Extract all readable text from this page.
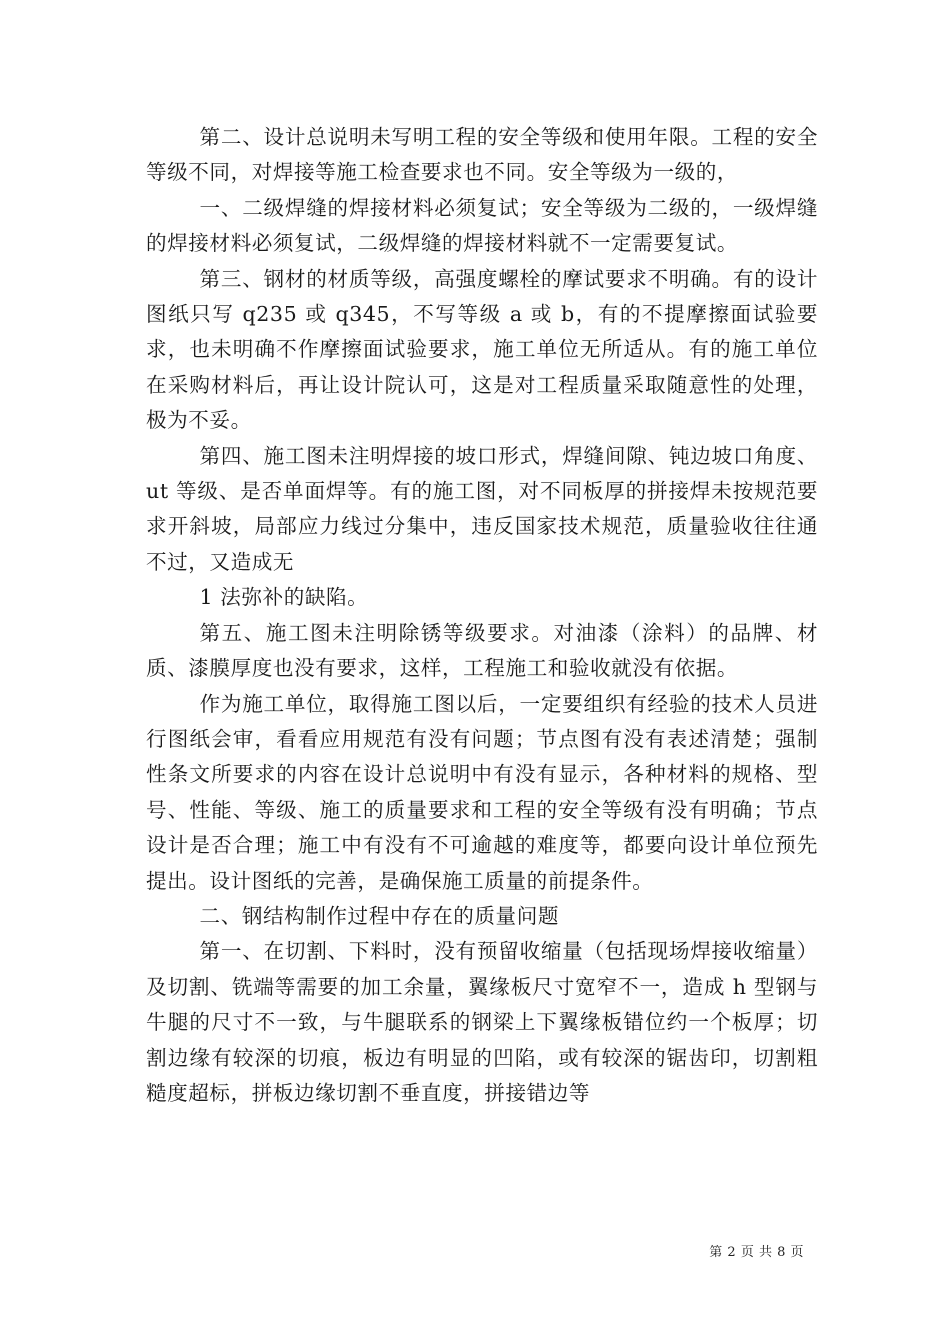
第二、设计总说明未写明工程的安全等级和使用年限。工程的安全等级不同，对焊接等施工检查要求也不同。安全等级为一级的，

一、二级焊缝的焊接材料必须复试；安全等级为二级的，一级焊缝的焊接材料必须复试，二级焊缝的焊接材料就不一定需要复试。

第三、钢材的材质等级，高强度螺栓的摩试要求不明确。有的设计图纸只写 q235 或 q345，不写等级 a 或 b，有的不提摩擦面试验要求，也未明确不作摩擦面试验要求，施工单位无所适从。有的施工单位在采购材料后，再让设计院认可，这是对工程质量采取随意性的处理，极为不妥。

第四、施工图未注明焊接的坡口形式，焊缝间隙、钝边坡口角度、ut 等级、是否单面焊等。有的施工图，对不同板厚的拼接焊未按规范要求开斜坡，局部应力线过分集中，违反国家技术规范，质量验收往往通不过，又造成无

1 法弥补的缺陷。

第五、施工图未注明除锈等级要求。对油漆（涂料）的品牌、材质、漆膜厚度也没有要求，这样，工程施工和验收就没有依据。

作为施工单位，取得施工图以后，一定要组织有经验的技术人员进行图纸会审，看看应用规范有没有问题；节点图有没有表述清楚；强制性条文所要求的内容在设计总说明中有没有显示，各种材料的规格、型号、性能、等级、施工的质量要求和工程的安全等级有没有明确；节点设计是否合理；施工中有没有不可逾越的难度等，都要向设计单位预先提出。设计图纸的完善，是确保施工质量的前提条件。

二、钢结构制作过程中存在的质量问题

第一、在切割、下料时，没有预留收缩量（包括现场焊接收缩量）及切割、铣端等需要的加工余量，翼缘板尺寸宽窄不一，造成 h 型钢与牛腿的尺寸不一致，与牛腿联系的钢梁上下翼缘板错位约一个板厚；切割边缘有较深的切痕，板边有明显的凹陷，或有较深的锯齿印，切割粗糙度超标，拼板边缘切割不垂直度，拼接错边等

第 2 页 共 8 页
